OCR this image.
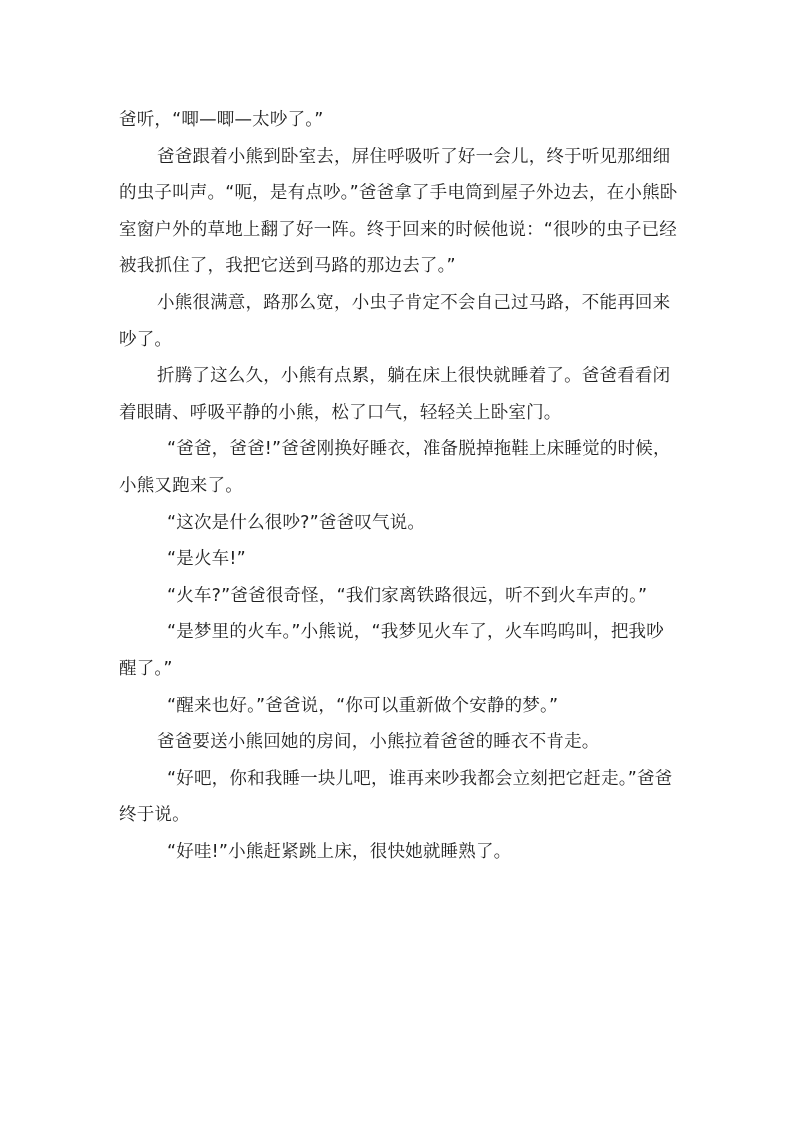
爸听，“唧—唧—太吵了。”

爸爸跟着小熊到卧室去，屏住呼吸听了好一会儿，终于听见那细细的虫子叫声。“呃，是有点吵。”爸爸拿了手电筒到屋子外边去，在小熊卧室窗户外的草地上翻了好一阵。终于回来的时候他说：“很吵的虫子已经被我抓住了，我把它送到马路的那边去了。”

小熊很满意，路那么宽，小虫子肯定不会自己过马路，不能再回来吵了。

折腾了这么久，小熊有点累，躺在床上很快就睡着了。爸爸看看闭着眼睛、呼吸平静的小熊，松了口气，轻轻关上卧室门。

“爸爸，爸爸!”爸爸刚换好睡衣，准备脱掉拖鞋上床睡觉的时候，小熊又跑来了。

“这次是什么很吵?”爸爸叹气说。

“是火车!”

“火车?”爸爸很奇怪，“我们家离铁路很远，听不到火车声的。”

“是梦里的火车。”小熊说，“我梦见火车了，火车呜呜叫，把我吵醒了。”

“醒来也好。”爸爸说，“你可以重新做个安静的梦。”

爸爸要送小熊回她的房间，小熊拉着爸爸的睡衣不肯走。

“好吧，你和我睡一块儿吧，谁再来吵我都会立刻把它赶走。”爸爸终于说。

“好哇!”小熊赶紧跳上床，很快她就睡熟了。
